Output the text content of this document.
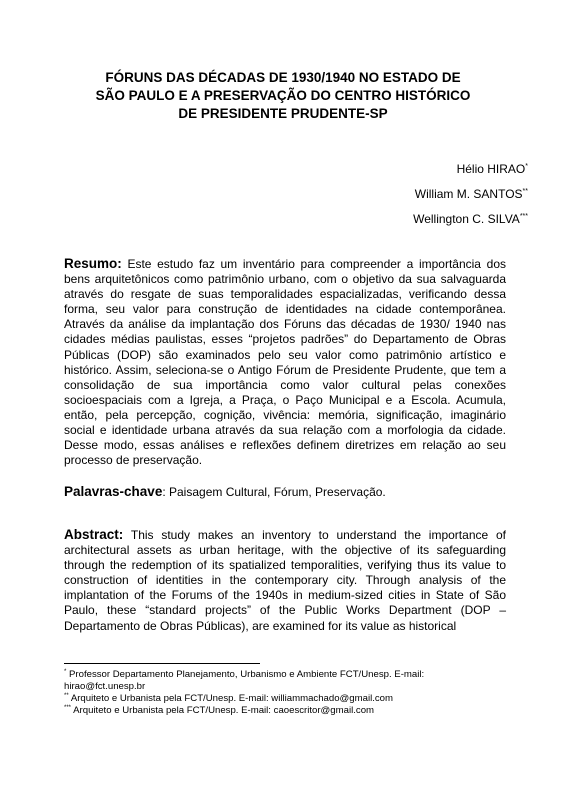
FÓRUNS DAS DÉCADAS DE 1930/1940 NO ESTADO DE
SÃO PAULO E A PRESERVAÇÃO DO CENTRO HISTÓRICO
DE PRESIDENTE PRUDENTE-SP
Hélio HIRAO*
William M. SANTOS**
Wellington C. SILVA***
Resumo: Este estudo faz um inventário para compreender a importância dos bens arquitetônicos como patrimônio urbano, com o objetivo da sua salvaguarda através do resgate de suas temporalidades espacializadas, verificando dessa forma, seu valor para construção de identidades na cidade contemporânea. Através da análise da implantação dos Fóruns das décadas de 1930/ 1940 nas cidades médias paulistas, esses “projetos padrões” do Departamento de Obras Públicas (DOP) são examinados pelo seu valor como patrimônio artístico e histórico. Assim, seleciona-se o Antigo Fórum de Presidente Prudente, que tem a consolidação de sua importância como valor cultural pelas conexões socioespaciais com a Igreja, a Praça, o Paço Municipal e a Escola. Acumula, então, pela percepção, cognição, vivência: memória, significação, imaginário social e identidade urbana através da sua relação com a morfologia da cidade. Desse modo, essas análises e reflexões definem diretrizes em relação ao seu processo de preservação.
Palavras-chave: Paisagem Cultural, Fórum, Preservação.
Abstract: This study makes an inventory to understand the importance of architectural assets as urban heritage, with the objective of its safeguarding through the redemption of its spatialized temporalities, verifying thus its value to construction of identities in the contemporary city. Through analysis of the implantation of the Forums of the 1940s in medium-sized cities in State of São Paulo, these “standard projects” of the Public Works Department (DOP – Departamento de Obras Públicas), are examined for its value as historical
* Professor Departamento Planejamento, Urbanismo e Ambiente FCT/Unesp. E-mail:
hirao@fct.unesp.br
** Arquiteto e Urbanista pela FCT/Unesp. E-mail: williammachado@gmail.com
*** Arquiteto e Urbanista pela FCT/Unesp. E-mail: caoescritor@gmail.com
